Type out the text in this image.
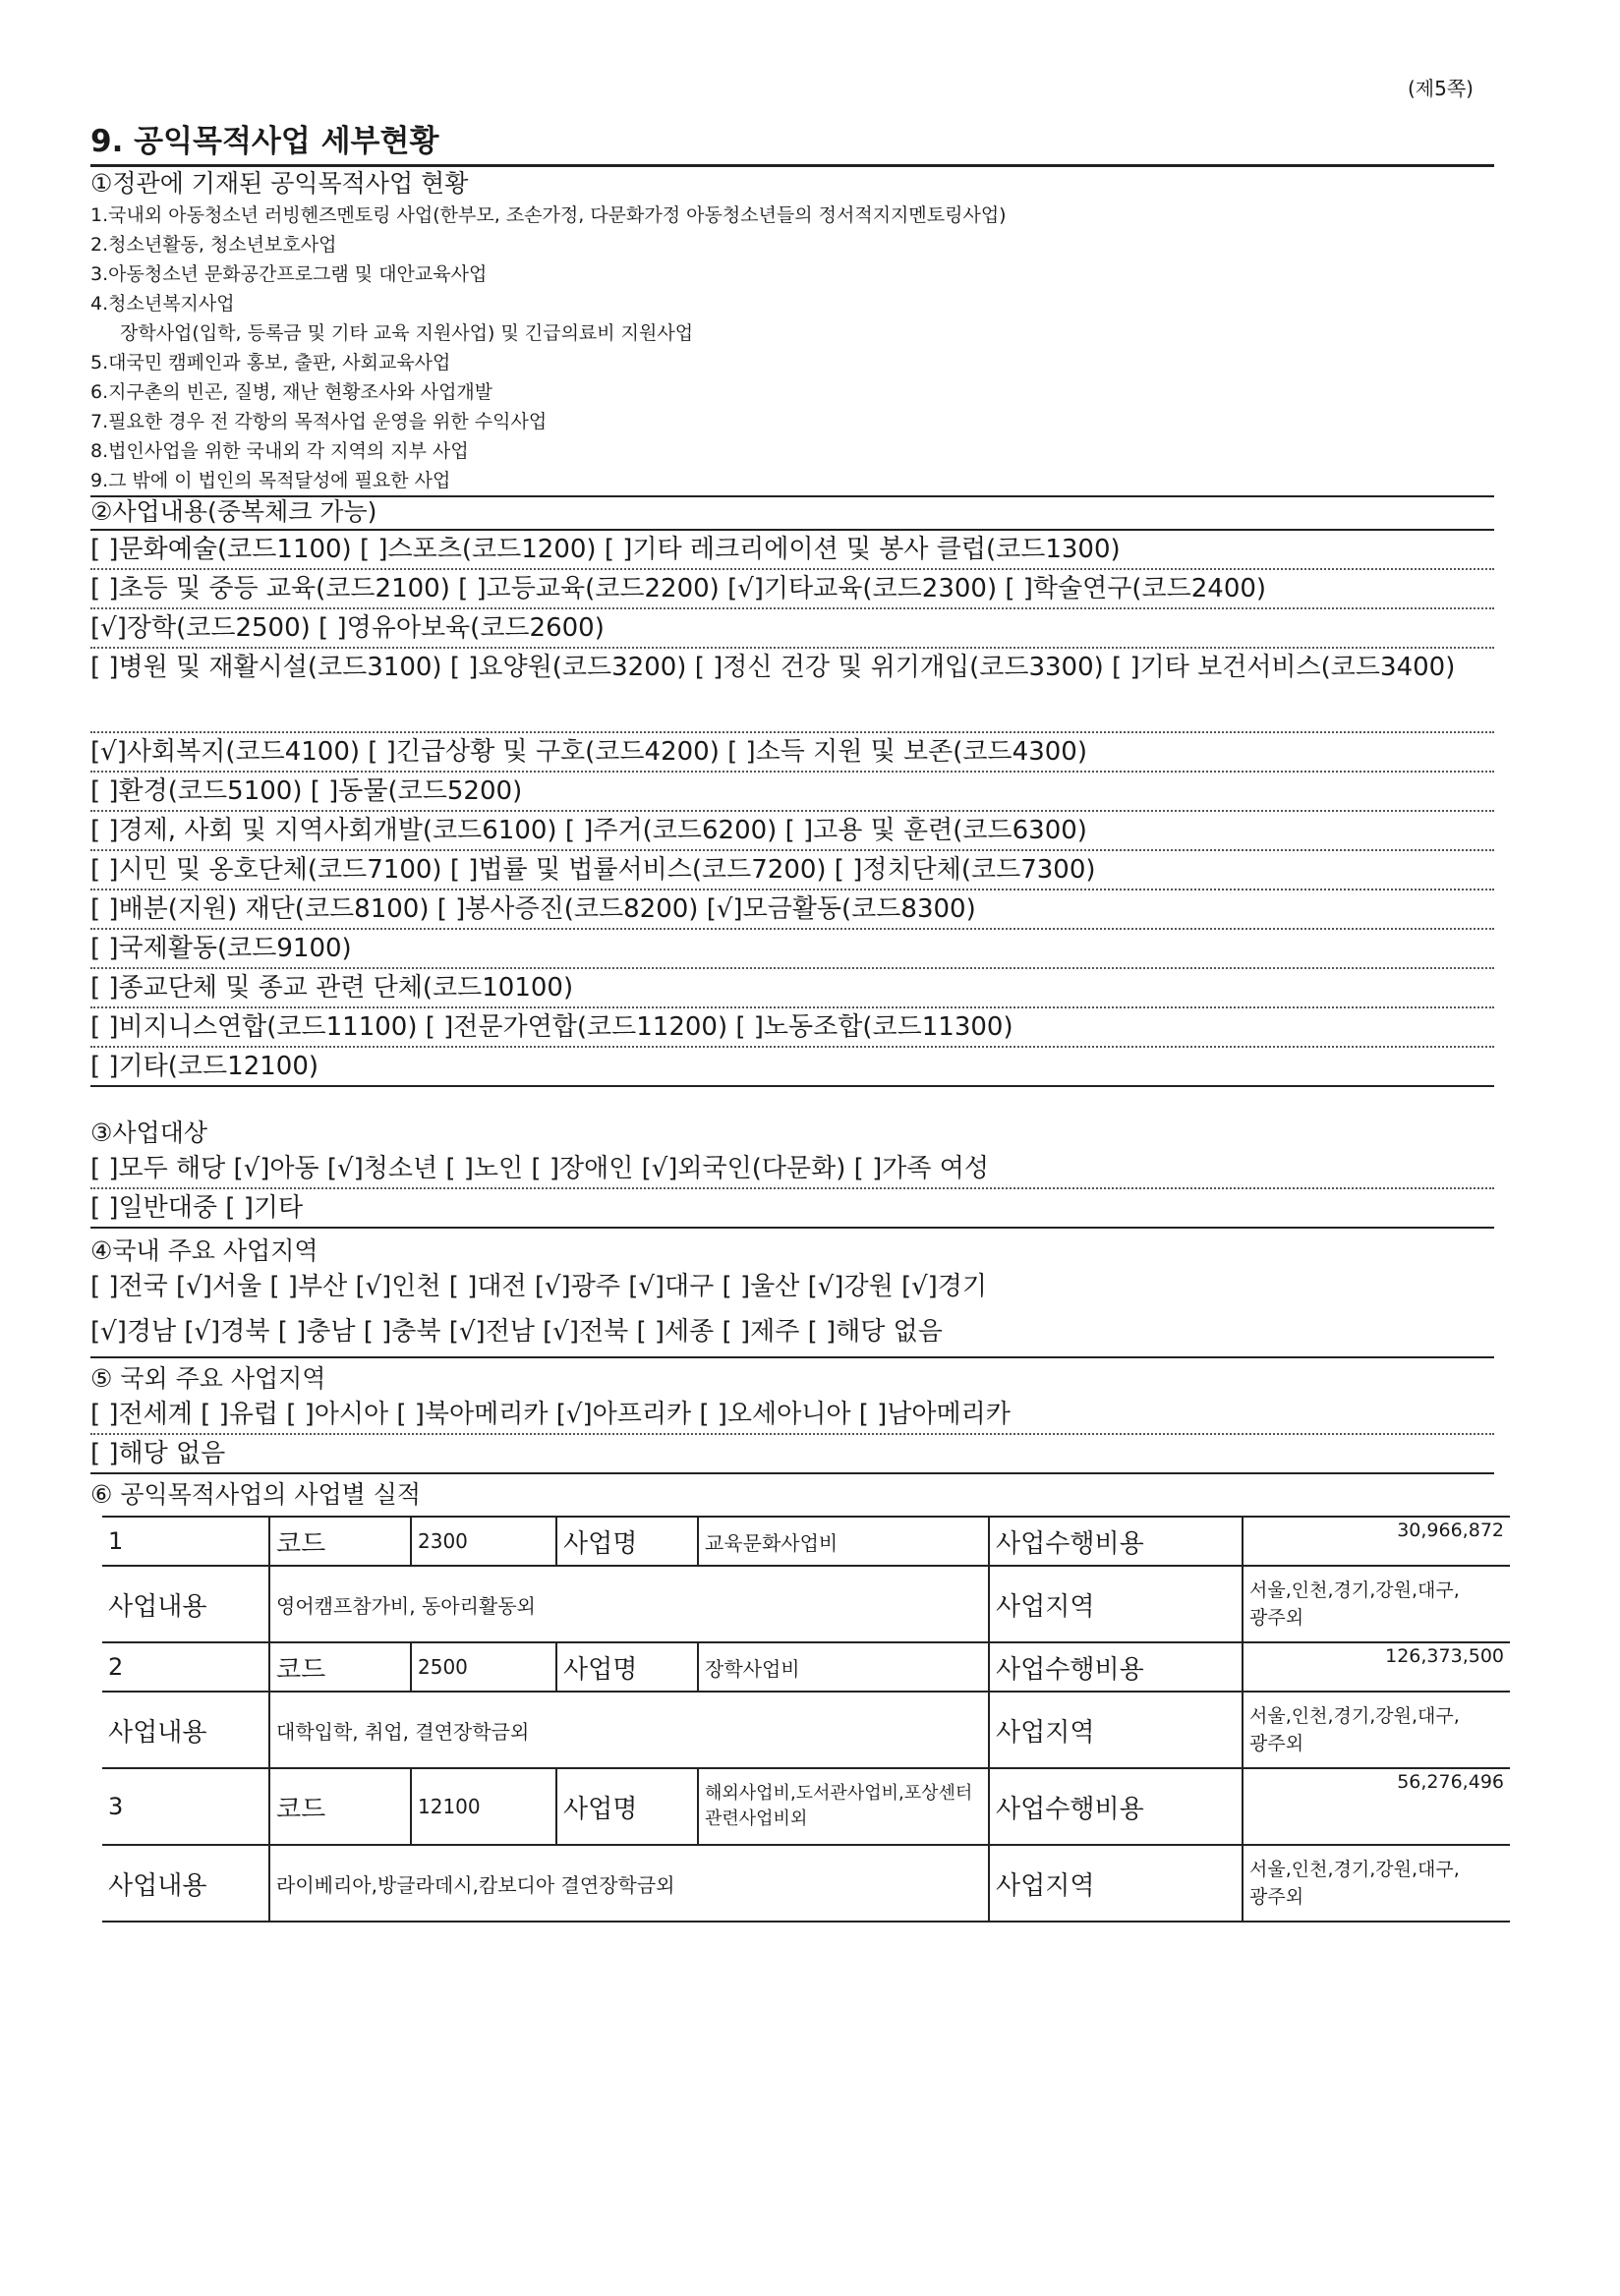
(제5쪽)
9. 공익목적사업 세부현황
①정관에 기재된 공익목적사업 현황
1.국내외 아동청소년 러빙헨즈멘토링 사업(한부모, 조손가정, 다문화가정 아동청소년들의 정서적지지멘토링사업)
2.청소년활동, 청소년보호사업
3.아동청소년 문화공간프로그램 및 대안교육사업
4.청소년복지사업
장학사업(입학, 등록금 및 기타 교육 지원사업) 및 긴급의료비 지원사업
5.대국민 캠페인과 홍보, 출판, 사회교육사업
6.지구촌의 빈곤, 질병, 재난 현황조사와 사업개발
7.필요한 경우 전 각항의 목적사업 운영을 위한 수익사업
8.법인사업을 위한 국내외 각 지역의 지부 사업
9.그 밖에 이 법인의 목적달성에 필요한 사업
②사업내용(중복체크 가능)
[ ]문화예술(코드1100) [ ]스포츠(코드1200) [ ]기타 레크리에이션 및 봉사 클럽(코드1300)
[ ]초등 및 중등 교육(코드2100) [ ]고등교육(코드2200) [√]기타교육(코드2300) [ ]학술연구(코드2400)
[√]장학(코드2500) [ ]영유아보육(코드2600)
[ ]병원 및 재활시설(코드3100) [ ]요양원(코드3200) [ ]정신 건강 및 위기개입(코드3300) [ ]기타 보건서비스(코드3400)
[√]사회복지(코드4100) [ ]긴급상황 및 구호(코드4200) [ ]소득 지원 및 보존(코드4300)
[ ]환경(코드5100) [ ]동물(코드5200)
[ ]경제, 사회 및 지역사회개발(코드6100) [ ]주거(코드6200) [ ]고용 및 훈련(코드6300)
[ ]시민 및 옹호단체(코드7100) [ ]법률 및 법률서비스(코드7200) [ ]정치단체(코드7300)
[ ]배분(지원) 재단(코드8100) [ ]봉사증진(코드8200) [√]모금활동(코드8300)
[ ]국제활동(코드9100)
[ ]종교단체 및 종교 관련 단체(코드10100)
[ ]비지니스연합(코드11100) [ ]전문가연합(코드11200) [ ]노동조합(코드11300)
[ ]기타(코드12100)
③사업대상
[ ]모두 해당 [√]아동 [√]청소년 [ ]노인 [ ]장애인 [√]외국인(다문화) [ ]가족 여성
[ ]일반대중 [ ]기타
④국내 주요 사업지역
[ ]전국 [√]서울 [ ]부산 [√]인천 [ ]대전 [√]광주 [√]대구 [ ]울산 [√]강원 [√]경기
[√]경남 [√]경북 [ ]충남 [ ]충북 [√]전남 [√]전북 [ ]세종 [ ]제주 [ ]해당 없음
⑤ 국외 주요 사업지역
[ ]전세계 [ ]유럽 [ ]아시아 [ ]북아메리카 [√]아프리카 [ ]오세아니아 [ ]남아메리카
[ ]해당 없음
⑥ 공익목적사업의 사업별 실적
1	코드	2300	사업명	교육문화사업비	사업수행비용	30,966,872
사업내용	영어캠프참가비, 동아리활동외				사업지역	서울,인천,경기,강원,대구,
광주외

2	코드	2500	사업명	장학사업비	사업수행비용	126,373,500
사업내용	대학입학, 취업, 결연장학금외				사업지역	서울,인천,경기,강원,대구,
광주외

3	코드	12100	사업명	해외사업비,도서관사업비,포상센터관련사업비외	사업수행비용	56,276,496
사업내용	라이베리아,방글라데시,캄보디아 결연장학금외				사업지역	서울,인천,경기,강원,대구,
광주외
